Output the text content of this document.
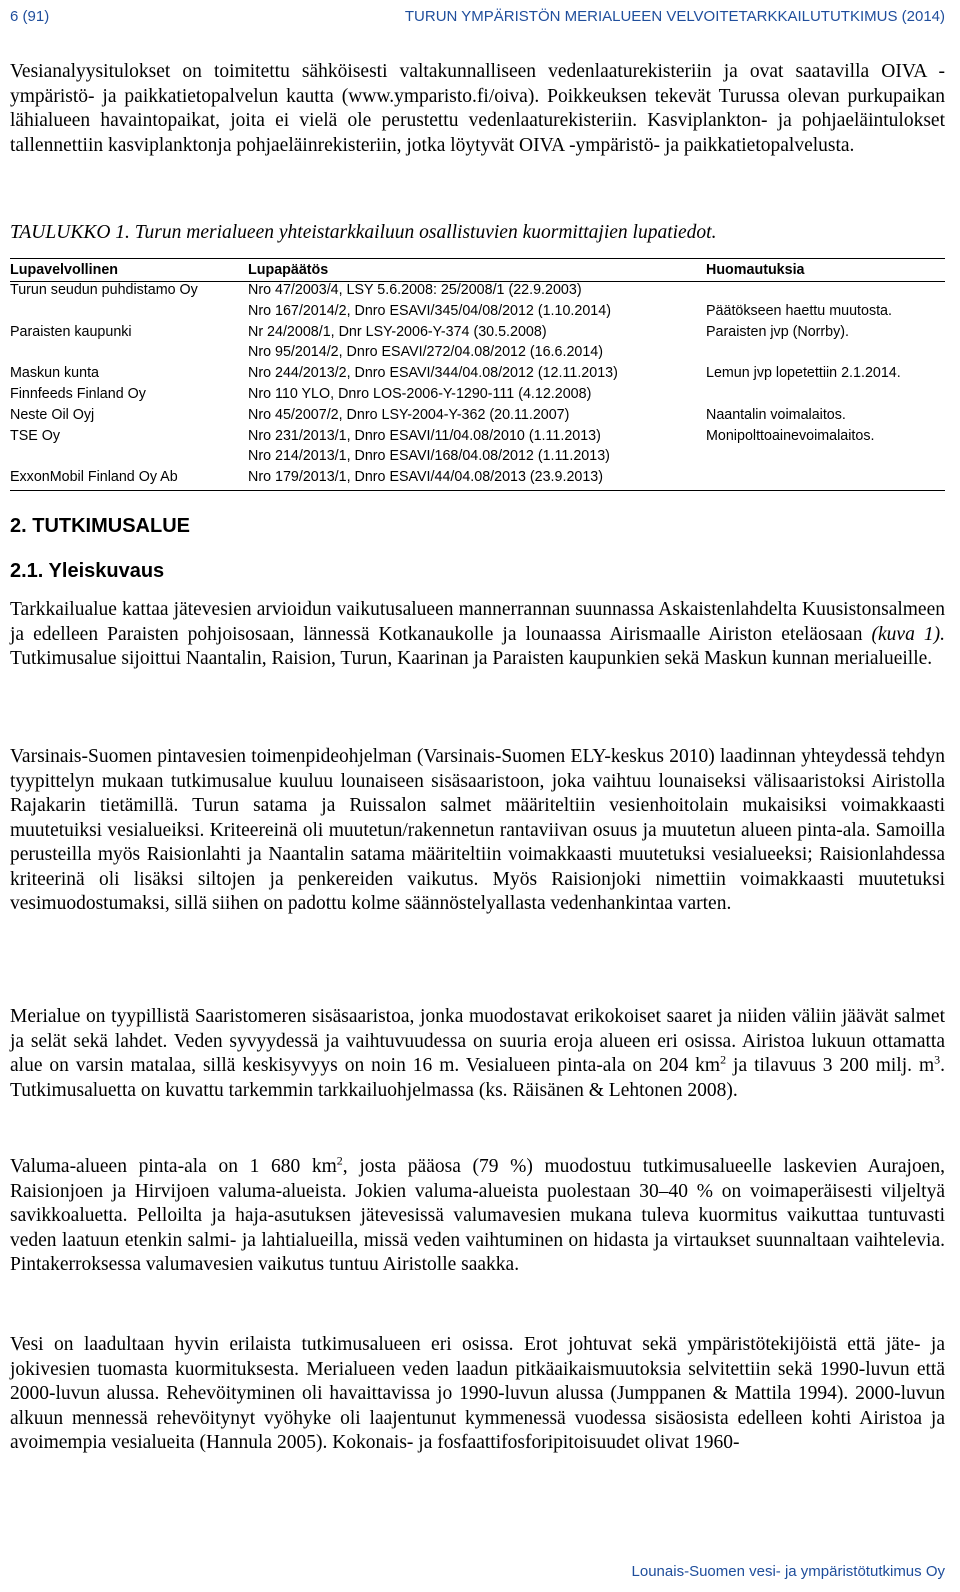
6 (91)	TURUN YMPÄRISTÖN MERIALUEEN VELVOITETARKKAILUTUTKIMUS (2014)

Vesianalyysitulokset on toimitettu sähköisesti valtakunnalliseen vedenlaaturekisteriin ja ovat saatavilla OIVA -ympäristö- ja paikkatietopalvelun kautta (www.ymparisto.fi/oiva). Poikkeuksen tekevät Turussa olevan purkupaikan lähialueen havaintopaikat, joita ei vielä ole perustettu vedenlaaturekisteriin. Kasviplankton- ja pohjaeläintulokset tallennettiin kasviplanktonja pohjaeläinrekisteriin, jotka löytyvät OIVA -ympäristö- ja paikkatietopalvelusta.

TAULUKKO 1. Turun merialueen yhteistarkkailuun osallistuvien kuormittajien lupatiedot.

Lupavelvollinen	Lupapäätös	Huomautuksia
Turun seudun puhdistamo Oy	Nro 47/2003/4, LSY 5.6.2008: 25/2008/1 (22.9.2003)	
	Nro 167/2014/2, Dnro ESAVI/345/04/08/2012 (1.10.2014)	Päätökseen haettu muutosta.
Paraisten kaupunki	Nr 24/2008/1, Dnr LSY-2006-Y-374 (30.5.2008)	Paraisten jvp (Norrby).
	Nro 95/2014/2, Dnro ESAVI/272/04.08/2012 (16.6.2014)	
Maskun kunta	Nro 244/2013/2, Dnro ESAVI/344/04.08/2012 (12.11.2013)	Lemun jvp lopetettiin 2.1.2014.
Finnfeeds Finland Oy	Nro 110 YLO, Dnro LOS-2006-Y-1290-111 (4.12.2008)	
Neste Oil Oyj	Nro 45/2007/2, Dnro LSY-2004-Y-362 (20.11.2007)	Naantalin voimalaitos.
TSE Oy	Nro 231/2013/1, Dnro ESAVI/11/04.08/2010 (1.11.2013)	Monipolttoainevoimalaitos.
	Nro 214/2013/1, Dnro ESAVI/168/04.08/2012 (1.11.2013)	
ExxonMobil Finland Oy Ab	Nro 179/2013/1, Dnro ESAVI/44/04.08/2013 (23.9.2013)	
2. TUTKIMUSALUE
2.1. Yleiskuvaus

Tarkkailualue kattaa jätevesien arvioidun vaikutusalueen mannerrannan suunnassa Askaistenlahdelta Kuusistonsalmeen ja edelleen Paraisten pohjoisosaan, lännessä Kotkanaukolle ja lounaassa Airismaalle Airiston eteläosaan (kuva 1). Tutkimusalue sijoittui Naantalin, Raision, Turun, Kaarinan ja Paraisten kaupunkien sekä Maskun kunnan merialueille.

Varsinais-Suomen pintavesien toimenpideohjelman (Varsinais-Suomen ELY-keskus 2010) laadinnan yhteydessä tehdyn tyypittelyn mukaan tutkimusalue kuuluu lounaiseen sisäsaaristoon, joka vaihtuu lounaiseksi välisaaristoksi Airistolla Rajakarin tietämillä. Turun satama ja Ruissalon salmet määriteltiin vesienhoitolain mukaisiksi voimakkaasti muutetuiksi vesialueiksi. Kriteereinä oli muutetun/rakennetun rantaviivan osuus ja muutetun alueen pinta-ala. Samoilla perusteilla myös Raisionlahti ja Naantalin satama määriteltiin voimakkaasti muutetuksi vesialueeksi; Raisionlahdessa kriteerinä oli lisäksi siltojen ja penkereiden vaikutus. Myös Raisionjoki nimettiin voimakkaasti muutetuksi vesimuodostumaksi, sillä siihen on padottu kolme säännöstelyallasta vedenhankintaa varten.

Merialue on tyypillistä Saaristomeren sisäsaaristoa, jonka muodostavat erikokoiset saaret ja niiden väliin jäävät salmet ja selät sekä lahdet. Veden syvyydessä ja vaihtuvuudessa on suuria eroja alueen eri osissa. Airistoa lukuun ottamatta alue on varsin matalaa, sillä keskisyvyys on noin 16 m. Vesialueen pinta-ala on 204 $km^2$ ja tilavuus 3 200 milj. $m^3$. Tutkimusaluetta on kuvattu tarkemmin tarkkailuohjelmassa (ks. Räisänen & Lehtonen 2008).

Valuma-alueen pinta-ala on 1 680 $km^2$, josta pääosa (79 %) muodostuu tutkimusalueelle laskevien Aurajoen, Raisionjoen ja Hirvijoen valuma-alueista. Jokien valuma-alueista puolestaan 30–40 % on voimaperäisesti viljeltyä savikkoaluetta. Pelloilta ja haja-asutuksen jätevesissä valumavesien mukana tuleva kuormitus vaikuttaa tuntuvasti veden laatuun etenkin salmi- ja lahtialueilla, missä veden vaihtuminen on hidasta ja virtaukset suunnaltaan vaihtelevia. Pintakerroksessa valumavesien vaikutus tuntuu Airistolle saakka.

Vesi on laadultaan hyvin erilaista tutkimusalueen eri osissa. Erot johtuvat sekä ympäristötekijöistä että jäte- ja jokivesien tuomasta kuormituksesta. Merialueen veden laadun pitkäaikaismuutoksia selvitettiin sekä 1990-luvun että 2000-luvun alussa. Rehevöityminen oli havaittavissa jo 1990-luvun alussa (Jumppanen & Mattila 1994). 2000-luvun alkuun mennessä rehevöitynyt vyöhyke oli laajentunut kymmenessä vuodessa sisäosista edelleen kohti Airistoa ja avoimempia vesialueita (Hannula 2005). Kokonais- ja fosfaattifosforipitoisuudet olivat 1960-

Lounais-Suomen vesi- ja ympäristötutkimus Oy
